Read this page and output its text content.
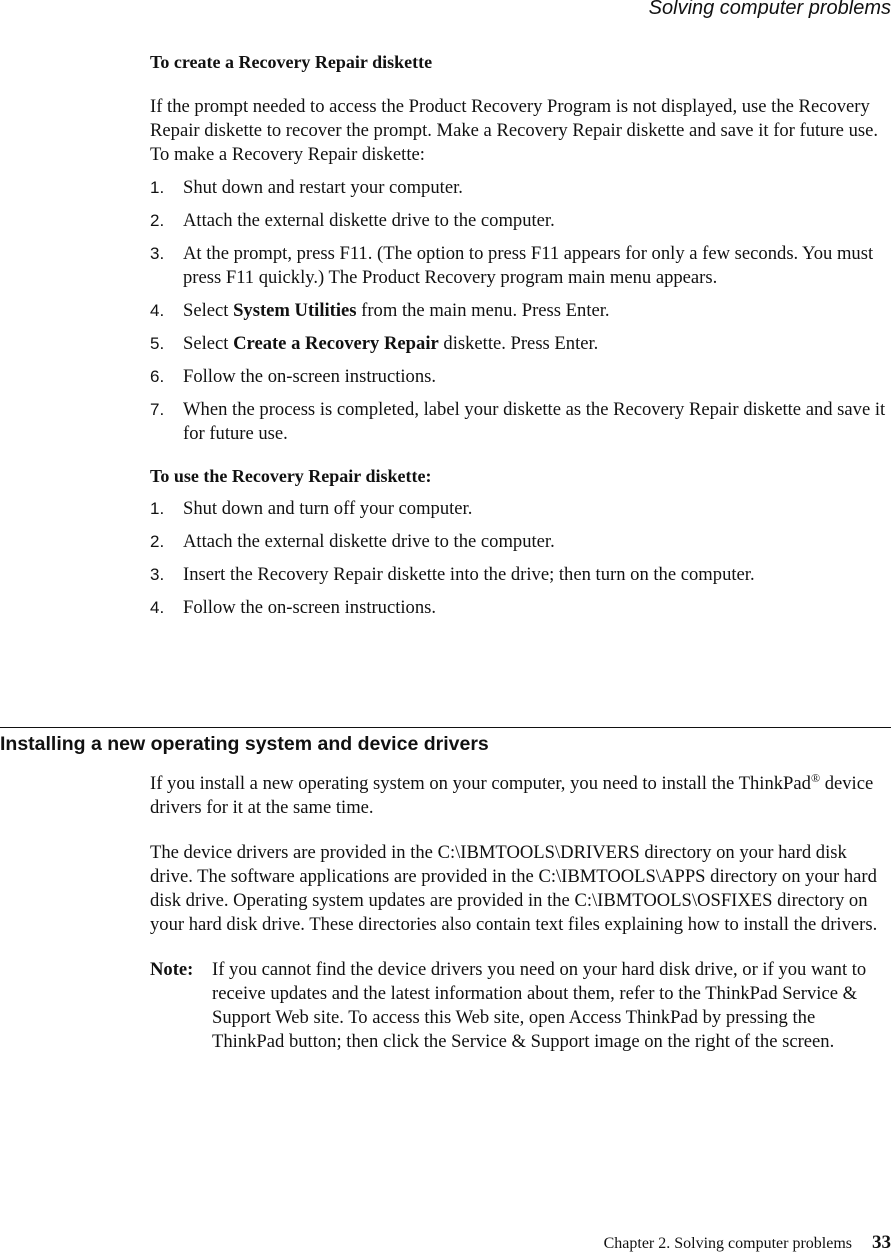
Solving computer problems
To create a Recovery Repair diskette
If the prompt needed to access the Product Recovery Program is not displayed, use the Recovery Repair diskette to recover the prompt. Make a Recovery Repair diskette and save it for future use. To make a Recovery Repair diskette:
1. Shut down and restart your computer.
2. Attach the external diskette drive to the computer.
3. At the prompt, press F11. (The option to press F11 appears for only a few seconds. You must press F11 quickly.) The Product Recovery program main menu appears.
4. Select System Utilities from the main menu. Press Enter.
5. Select Create a Recovery Repair diskette. Press Enter.
6. Follow the on-screen instructions.
7. When the process is completed, label your diskette as the Recovery Repair diskette and save it for future use.
To use the Recovery Repair diskette:
1. Shut down and turn off your computer.
2. Attach the external diskette drive to the computer.
3. Insert the Recovery Repair diskette into the drive; then turn on the computer.
4. Follow the on-screen instructions.
Installing a new operating system and device drivers
If you install a new operating system on your computer, you need to install the ThinkPad® device drivers for it at the same time.
The device drivers are provided in the C:\IBMTOOLS\DRIVERS directory on your hard disk drive. The software applications are provided in the C:\IBMTOOLS\APPS directory on your hard disk drive. Operating system updates are provided in the C:\IBMTOOLS\OSFIXES directory on your hard disk drive. These directories also contain text files explaining how to install the drivers.
Note:	If you cannot find the device drivers you need on your hard disk drive, or if you want to receive updates and the latest information about them, refer to the ThinkPad Service & Support Web site. To access this Web site, open Access ThinkPad by pressing the ThinkPad button; then click the Service & Support image on the right of the screen.
Chapter 2. Solving computer problems 33
